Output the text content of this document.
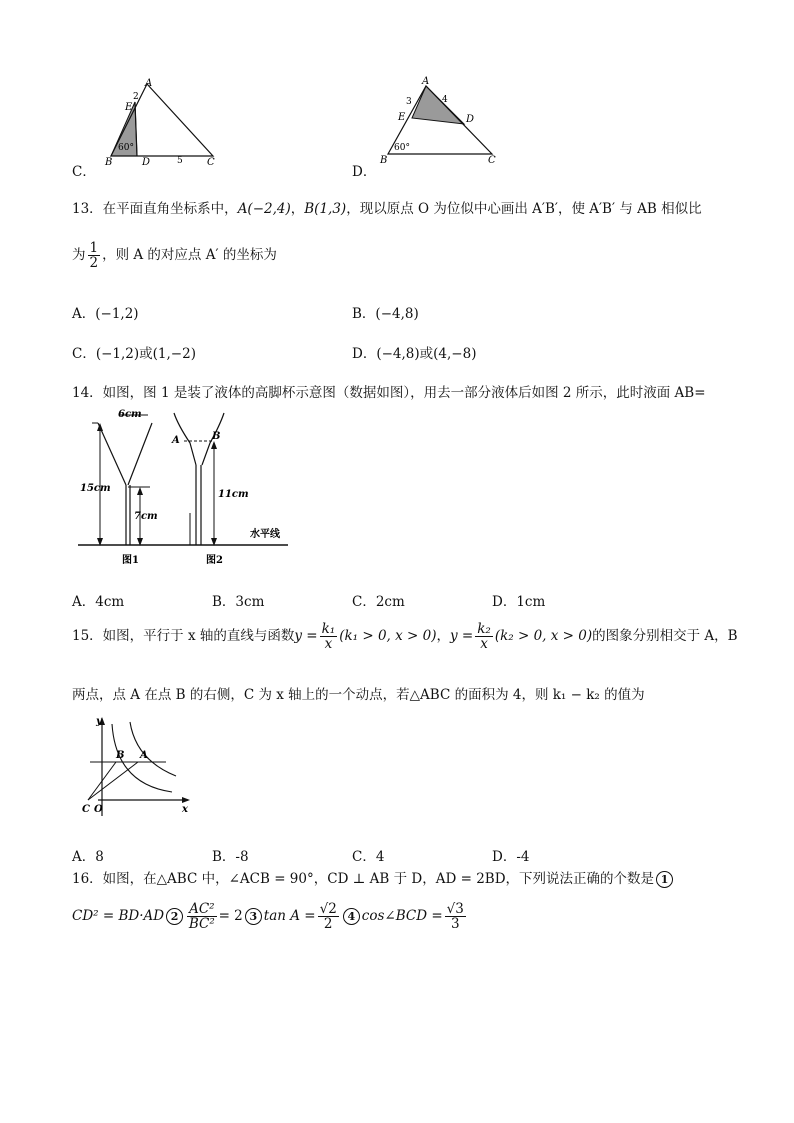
C．
A
E
2
B
60°
D	5 C
D．
A
3	4
E	D
B
60°
C
13．在平面直角坐标系中，A(−2,4)，B(1,3)，现以原点 O 为位似中心画出 A′B′，使 A′B′ 与 AB 相似比
为 $\frac{1}{2}$ ，则 A 的对应点 A′ 的坐标为
A．(−1,2)	B．(−4,8)
C．(−1,2)或(1,−2)	D．(−4,8)或(4,−8)
14．如图，图 1 是装了液体的高脚杯示意图（数据如图），用去一部分液体后如图 2 所示，此时液面 AB=
6cm
15cm
7cm
A	B
11cm
水平线
图1	图2
A．4cm	B．3cm	C．2cm	D．1cm
15．如图，平行于 x 轴的直线与函数$y = \frac{\text{k₁}}{x} (k_1 > 0$, x > 0)，$y = \frac{\text{k₂}}{x} (k_2 > 0$, x > 0)的图象分别相交于 A，B
两点，点 A 在点 B 的右侧，C 为 x 轴上的一个动点，若△ABC 的面积为 4，则 k₁ − k₂ 的值为
y
x
B A
C O
A．8	B．-8	C．4	D．-4
16．如图，在△ABC 中，∠ACB = 90°，CD ⊥ AB 于 D，AD = 2BD，下列说法正确的个数是 1
CD² = BD·AD $2 \frac{\text{AC²}}{\text{BC²}} = 2$ 3 $\tan A = \frac{√2}{2} 4$ cos∠BCD = $\frac{√3}{3}$
